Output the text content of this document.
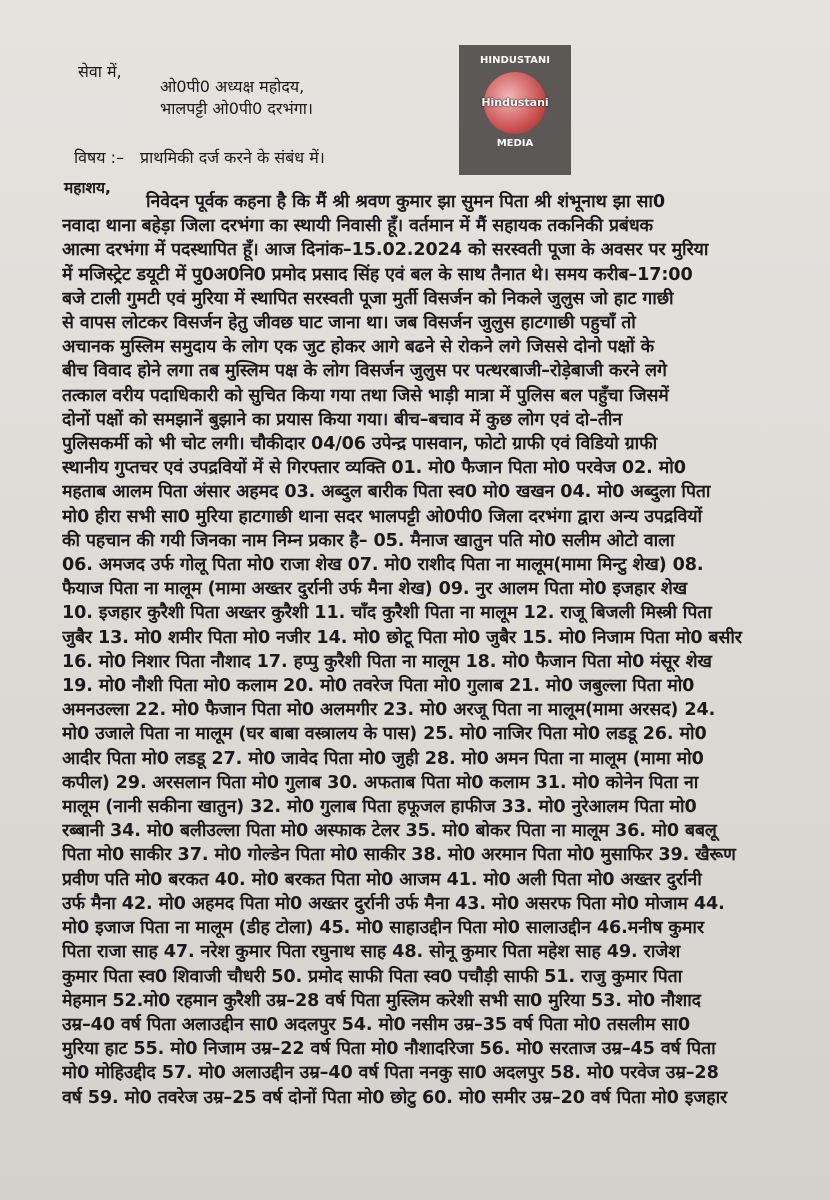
सेवा में,
ओ0पी0 अध्यक्ष महोदय,
भालपट्टी ओ0पी0 दरभंगा।
HINDUSTANI
Hindustani
MEDIA
विषय :– प्राथमिकी दर्ज करने के संबंध में।
महाशय,
निवेदन पूर्वक कहना है कि मैं श्री श्रवण कुमार झा सुमन पिता श्री शंभूनाथ झा सा0
नवादा थाना बहेड़ा जिला दरभंगा का स्थायी निवासी हूँ। वर्तमान में मैं सहायक तकनिकी प्रबंधक
आत्मा दरभंगा में पदस्थापित हूँ। आज दिनांक–15.02.2024 को सरस्वती पूजा के अवसर पर मुरिया
में मजिस्ट्रेट डयूटी में पु0अ0नि0 प्रमोद प्रसाद सिंह एवं बल के साथ तैनात थे। समय करीब–17:00
बजे टाली गुमटी एवं मुरिया में स्थापित सरस्वती पूजा मुर्ती विसर्जन को निकले जुलुस जो हाट गाछी
से वापस लोटकर विसर्जन हेतु जीवछ घाट जाना था। जब विसर्जन जुलुस हाटगाछी पहुचाँ तो
अचानक मुस्लिम समुदाय के लोग एक जुट होकर आगे बढने से रोकने लगे जिससे दोनो पक्षों के
बीच विवाद होने लगा तब मुस्लिम पक्ष के लोग विसर्जन जुलुस पर पत्थरबाजी–रोड़ेबाजी करने लगे
तत्काल वरीय पदाधिकारी को सुचित किया गया तथा जिसे भाड़ी मात्रा में पुलिस बल पहुँचा जिसमें
दोनों पक्षों को समझानें बुझाने का प्रयास किया गया। बीच–बचाव में कुछ लोग एवं दो–तीन
पुलिसकर्मी को भी चोट लगी। चौकीदार 04/06 उपेन्द्र पासवान, फोटो ग्राफी एवं विडियो ग्राफी
स्थानीय गुप्तचर एवं उपद्रवियों में से गिरफ्तार व्यक्ति 01. मो0 फैजान पिता मो0 परवेज 02. मो0
महताब आलम पिता अंसार अहमद 03. अब्दुल बारीक पिता स्व0 मो0 खखन 04. मो0 अब्दुला पिता
मो0 हीरा सभी सा0 मुरिया हाटगाछी थाना सदर भालपट्टी ओ0पी0 जिला दरभंगा द्वारा अन्य उपद्रवियों
की पहचान की गयी जिनका नाम निम्न प्रकार है– 05. मैनाज खातुन पति मो0 सलीम ओटो वाला
06. अमजद उर्फ गोलू पिता मो0 राजा शेख 07. मो0 राशीद पिता ना मालूम(मामा मिन्टु शेख) 08.
फैयाज पिता ना मालूम (मामा अख्तर दुर्रानी उर्फ मैना शेख) 09. नुर आलम पिता मो0 इजहार शेख
10. इजहार कुरैशी पिता अख्तर कुरैशी 11. चाँद कुरैशी पिता ना मालूम 12. राजू बिजली मिस्त्री पिता
जुबैर 13. मो0 शमीर पिता मो0 नजीर 14. मो0 छोटू पिता मो0 जुबैर 15. मो0 निजाम पिता मो0 बसीर
16. मो0 निशार पिता नौशाद 17. हप्पु कुरैशी पिता ना मालूम 18. मो0 फैजान पिता मो0 मंसूर शेख
19. मो0 नौशी पिता मो0 कलाम 20. मो0 तवरेज पिता मो0 गुलाब 21. मो0 जबुल्ला पिता मो0
अमनउल्ला 22. मो0 फैजान पिता मो0 अलमगीर 23. मो0 अरजू पिता ना मालूम(मामा अरसद) 24.
मो0 उजाले पिता ना मालूम (घर बाबा वस्त्रालय के पास) 25. मो0 नाजिर पिता मो0 लडडू 26. मो0
आदीर पिता मो0 लडडू 27. मो0 जावेद पिता मो0 जुही 28. मो0 अमन पिता ना मालूम (मामा मो0
कपील) 29. अरसलान पिता मो0 गुलाब 30. अफताब पिता मो0 कलाम 31. मो0 कोनेन पिता ना
मालूम (नानी सकीना खातुन) 32. मो0 गुलाब पिता हफूजल हाफीज 33. मो0 नुरेआलम पिता मो0
रब्बानी 34. मो0 बलीउल्ला पिता मो0 अस्फाक टेलर 35. मो0 बोकर पिता ना मालूम 36. मो0 बबलू
पिता मो0 साकीर 37. मो0 गोल्डेन पिता मो0 साकीर 38. मो0 अरमान पिता मो0 मुसाफिर 39. खैरूण
प्रवीण पति मो0 बरकत 40. मो0 बरकत पिता मो0 आजम 41. मो0 अली पिता मो0 अख्तर दुर्रानी
उर्फ मैना 42. मो0 अहमद पिता मो0 अख्तर दुर्रानी उर्फ मैना 43. मो0 असरफ पिता मो0 मोजाम 44.
मो0 इजाज पिता ना मालूम (डीह टोला) 45. मो0 साहाउद्दीन पिता मो0 सालाउद्दीन 46.मनीष कुमार
पिता राजा साह 47. नरेश कुमार पिता रघुनाथ साह 48. सोनू कुमार पिता महेश साह 49. राजेश
कुमार पिता स्व0 शिवाजी चौधरी 50. प्रमोद साफी पिता स्व0 पचौड़ी साफी 51. राजु कुमार पिता
मेहमान 52.मो0 रहमान कुरैशी उम्र–28 वर्ष पिता मुस्लिम करेशी सभी सा0 मुरिया 53. मो0 नौशाद
उम्र–40 वर्ष पिता अलाउद्दीन सा0 अदलपुर 54. मो0 नसीम उम्र–35 वर्ष पिता मो0 तसलीम सा0
मुरिया हाट 55. मो0 निजाम उम्र–22 वर्ष पिता मो0 नौशादरिजा 56. मो0 सरताज उम्र–45 वर्ष पिता
मो0 मोहिउद्दीद 57. मो0 अलाउद्दीन उम्र–40 वर्ष पिता ननकु सा0 अदलपुर 58. मो0 परवेज उम्र–28
वर्ष 59. मो0 तवरेज उम्र–25 वर्ष दोनों पिता मो0 छोटु 60. मो0 समीर उम्र–20 वर्ष पिता मो0 इजहार
